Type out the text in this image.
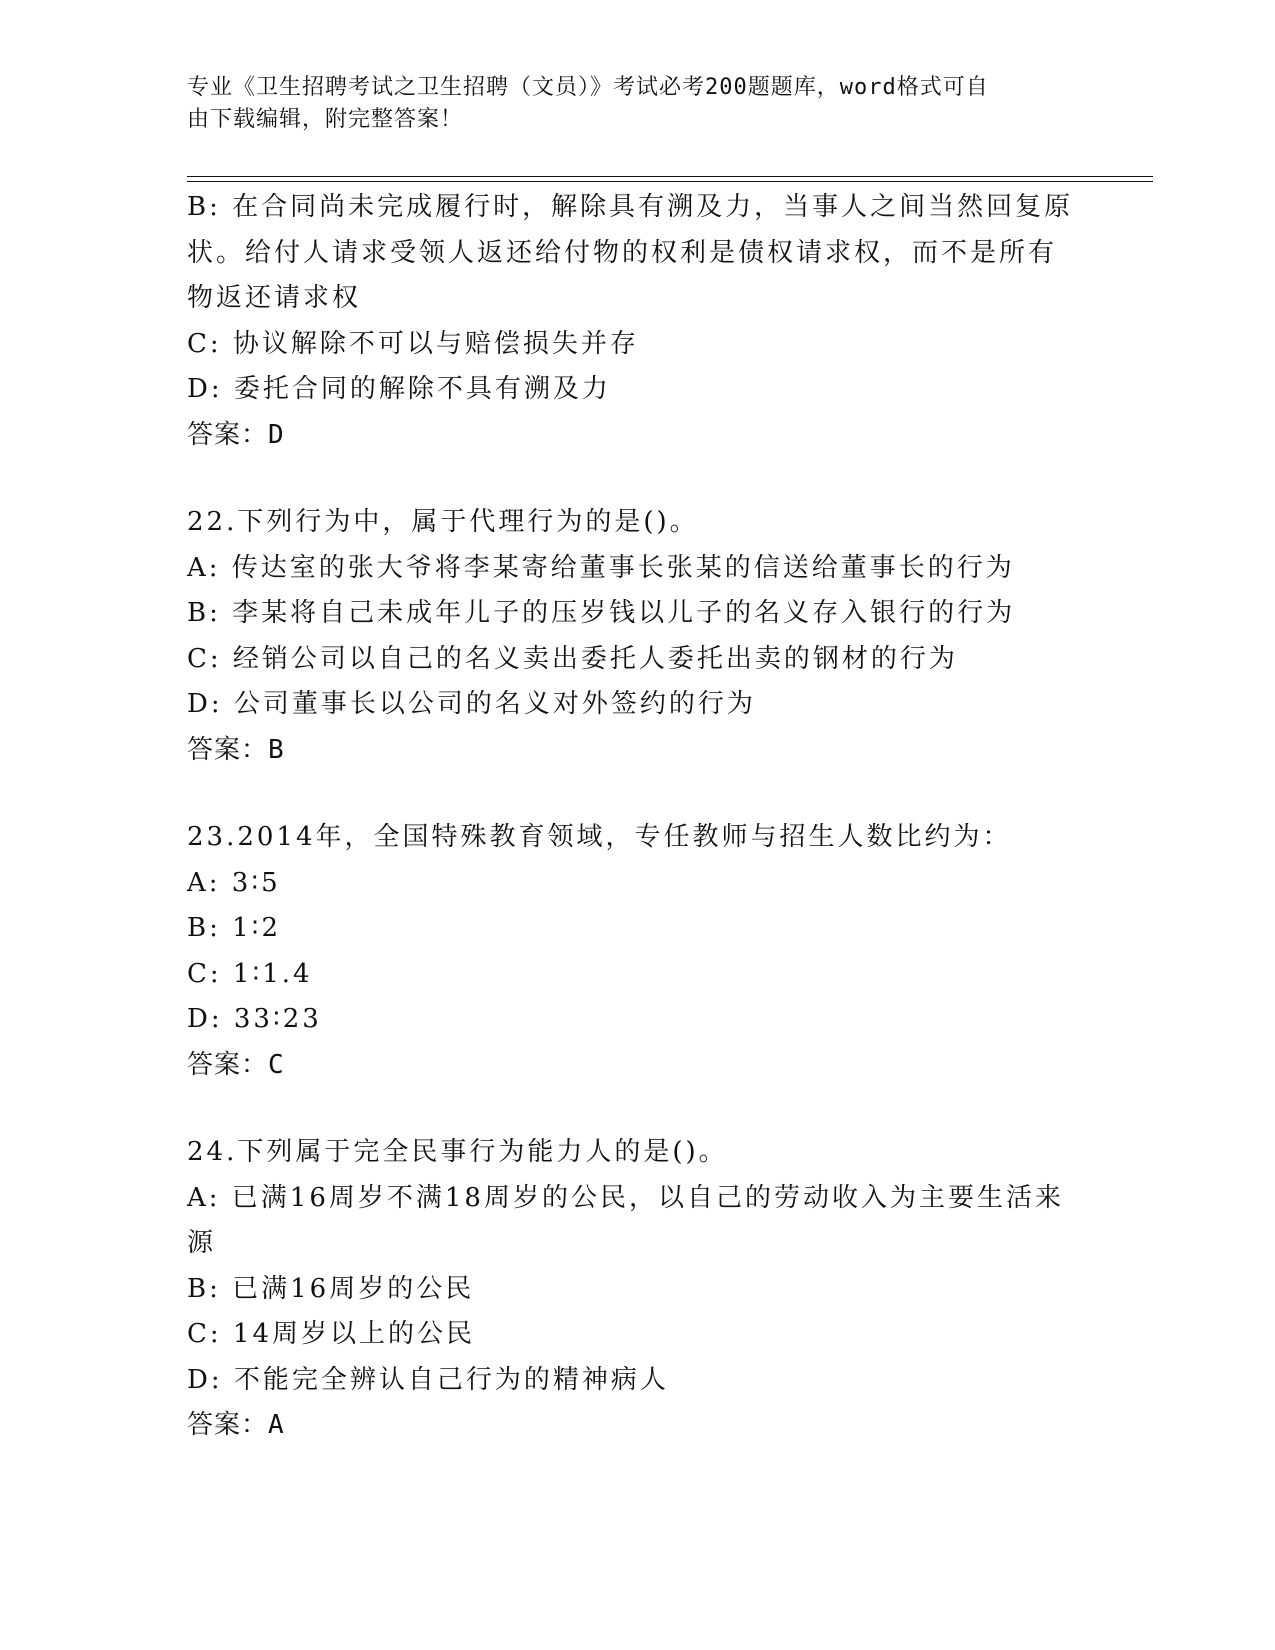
专业《卫生招聘考试之卫生招聘（文员）》考试必考200题题库，word格式可自
由下载编辑，附完整答案！
B: 在合同尚未完成履行时，解除具有溯及力，当事人之间当然回复原
状。给付人请求受领人返还给付物的权利是债权请求权，而不是所有
物返还请求权
C: 协议解除不可以与赔偿损失并存
D: 委托合同的解除不具有溯及力
答案：D
22.下列行为中，属于代理行为的是()。
A: 传达室的张大爷将李某寄给董事长张某的信送给董事长的行为
B: 李某将自己未成年儿子的压岁钱以儿子的名义存入银行的行为
C: 经销公司以自己的名义卖出委托人委托出卖的钢材的行为
D: 公司董事长以公司的名义对外签约的行为
答案：B
23.2014年，全国特殊教育领域，专任教师与招生人数比约为：
A: 3∶5
B: 1∶2
C: 1∶1.4
D: 33∶23
答案：C
24.下列属于完全民事行为能力人的是()。
A: 已满16周岁不满18周岁的公民，以自己的劳动收入为主要生活来
源
B: 已满16周岁的公民
C: 14周岁以上的公民
D: 不能完全辨认自己行为的精神病人
答案：A
